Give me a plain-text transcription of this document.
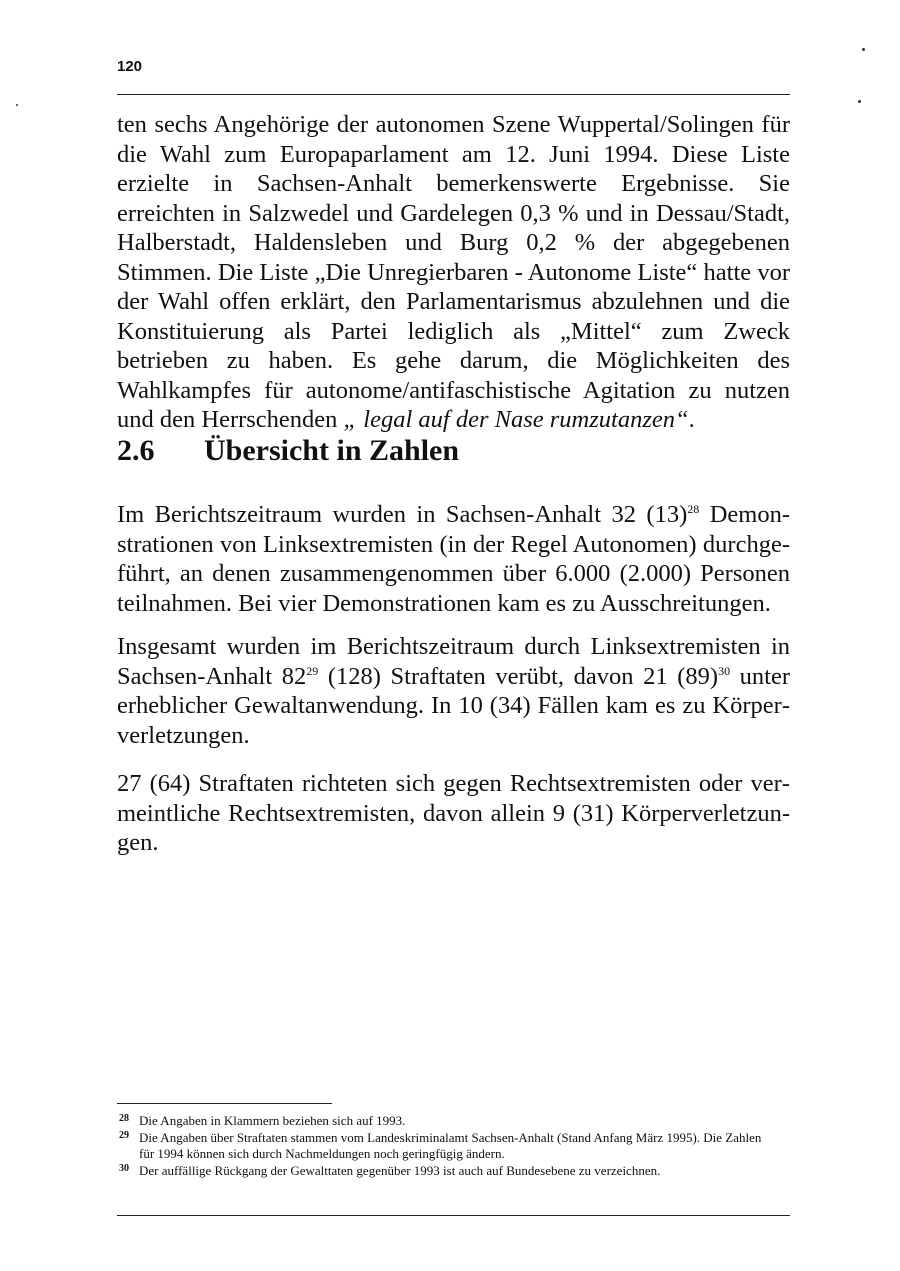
120

ten sechs Angehörige der autonomen Szene Wuppertal/Solingen für die Wahl zum Europaparlament am 12. Juni 1994. Diese Liste erzielte in Sachsen-Anhalt bemerkenswerte Ergebnisse. Sie erreichten in Salzwedel und Gardelegen 0,3 % und in Dessau/Stadt, Halberstadt, Haldensleben und Burg 0,2 % der abgegebenen Stimmen. Die Liste „Die Unregierbaren - Autonome Liste“ hatte vor der Wahl offen erklärt, den Parlamentarismus abzulehnen und die Konstituierung als Partei lediglich als „Mittel“ zum Zweck betrieben zu haben. Es gehe darum, die Möglichkeiten des Wahlkampfes für autonome/antifaschistische Agitation zu nutzen und den Herrschenden „ legal auf der Nase rumzutanzen“.

2.6 Übersicht in Zahlen

Im Berichtszeitraum wurden in Sachsen-Anhalt 32 (13)$^{28}$ Demonstrationen von Linksextremisten (in der Regel Autonomen) durchgeführt, an denen zusammengenommen über 6.000 (2.000) Personen teilnahmen. Bei vier Demonstrationen kam es zu Ausschreitungen.

Insgesamt wurden im Berichtszeitraum durch Linksextremisten in Sachsen-Anhalt 82$^{29}$ (128) Straftaten verübt, davon 21 (89)$^{30}$ unter erheblicher Gewaltanwendung. In 10 (34) Fällen kam es zu Körperverletzungen.

27 (64) Straftaten richteten sich gegen Rechtsextremisten oder vermeintliche Rechtsextremisten, davon allein 9 (31) Körperverletzungen.

28 Die Angaben in Klammern beziehen sich auf 1993.

29 Die Angaben über Straftaten stammen vom Landeskriminalamt Sachsen-Anhalt (Stand Anfang März 1995). Die Zahlen für 1994 können sich durch Nachmeldungen noch geringfügig ändern.

30 Der auffällige Rückgang der Gewalttaten gegenüber 1993 ist auch auf Bundesebene zu verzeichnen.
